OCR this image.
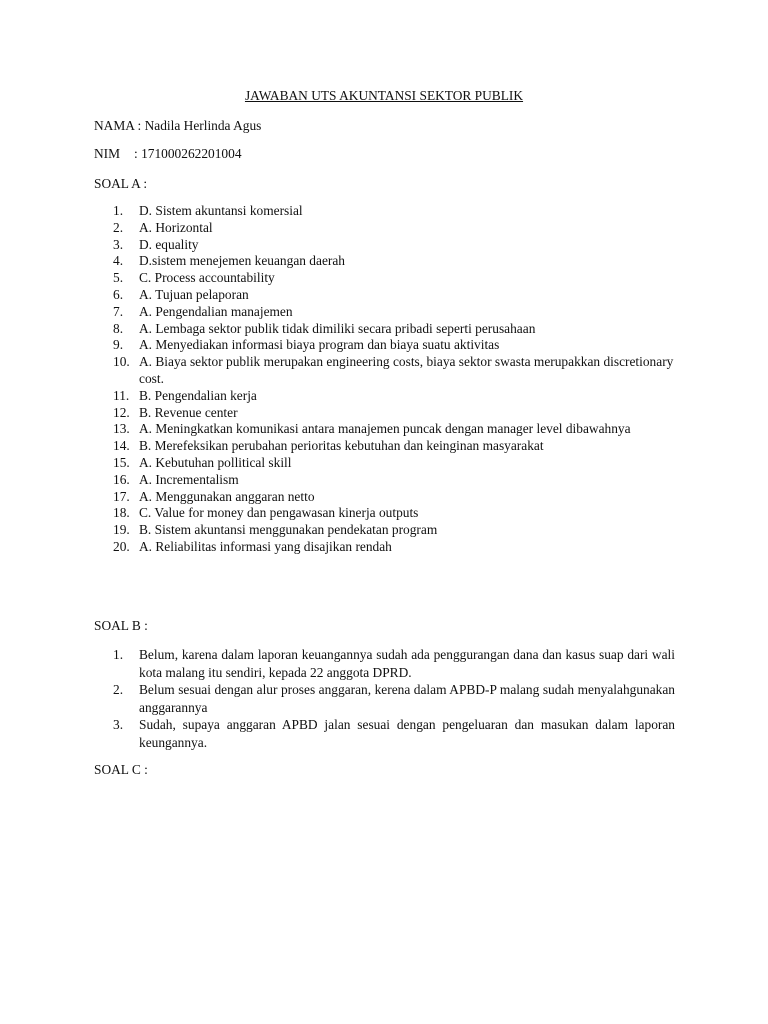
JAWABAN UTS AKUNTANSI SEKTOR PUBLIK

NAMA : Nadila Herlinda Agus

NIM : 171000262201004

SOAL A :

1. D. Sistem akuntansi komersial
2. A. Horizontal
3. D. equality
4. D.sistem menejemen keuangan daerah
5. C. Process accountability
6. A. Tujuan pelaporan
7. A. Pengendalian manajemen
8. A. Lembaga sektor publik tidak dimiliki secara pribadi seperti perusahaan
9. A. Menyediakan informasi biaya program dan biaya suatu aktivitas
10. A. Biaya sektor publik merupakan engineering costs, biaya sektor swasta merupakkan discretionary cost.
11. B. Pengendalian kerja
12. B. Revenue center
13. A. Meningkatkan komunikasi antara manajemen puncak dengan manager level dibawahnya
14. B. Merefeksikan perubahan perioritas kebutuhan dan keinginan masyarakat
15. A. Kebutuhan pollitical skill
16. A. Incrementalism
17. A. Menggunakan anggaran netto
18. C. Value for money dan pengawasan kinerja outputs
19. B. Sistem akuntansi menggunakan pendekatan program
20. A. Reliabilitas informasi yang disajikan rendah

SOAL B :

1. Belum, karena dalam laporan keuangannya sudah ada penggurangan dana dan kasus suap dari wali kota malang itu sendiri, kepada 22 anggota DPRD.
2. Belum sesuai dengan alur proses anggaran, kerena dalam APBD-P malang sudah menyalahgunakan anggarannya
3. Sudah, supaya anggaran APBD jalan sesuai dengan pengeluaran dan masukan dalam laporan keungannya.

SOAL C :
